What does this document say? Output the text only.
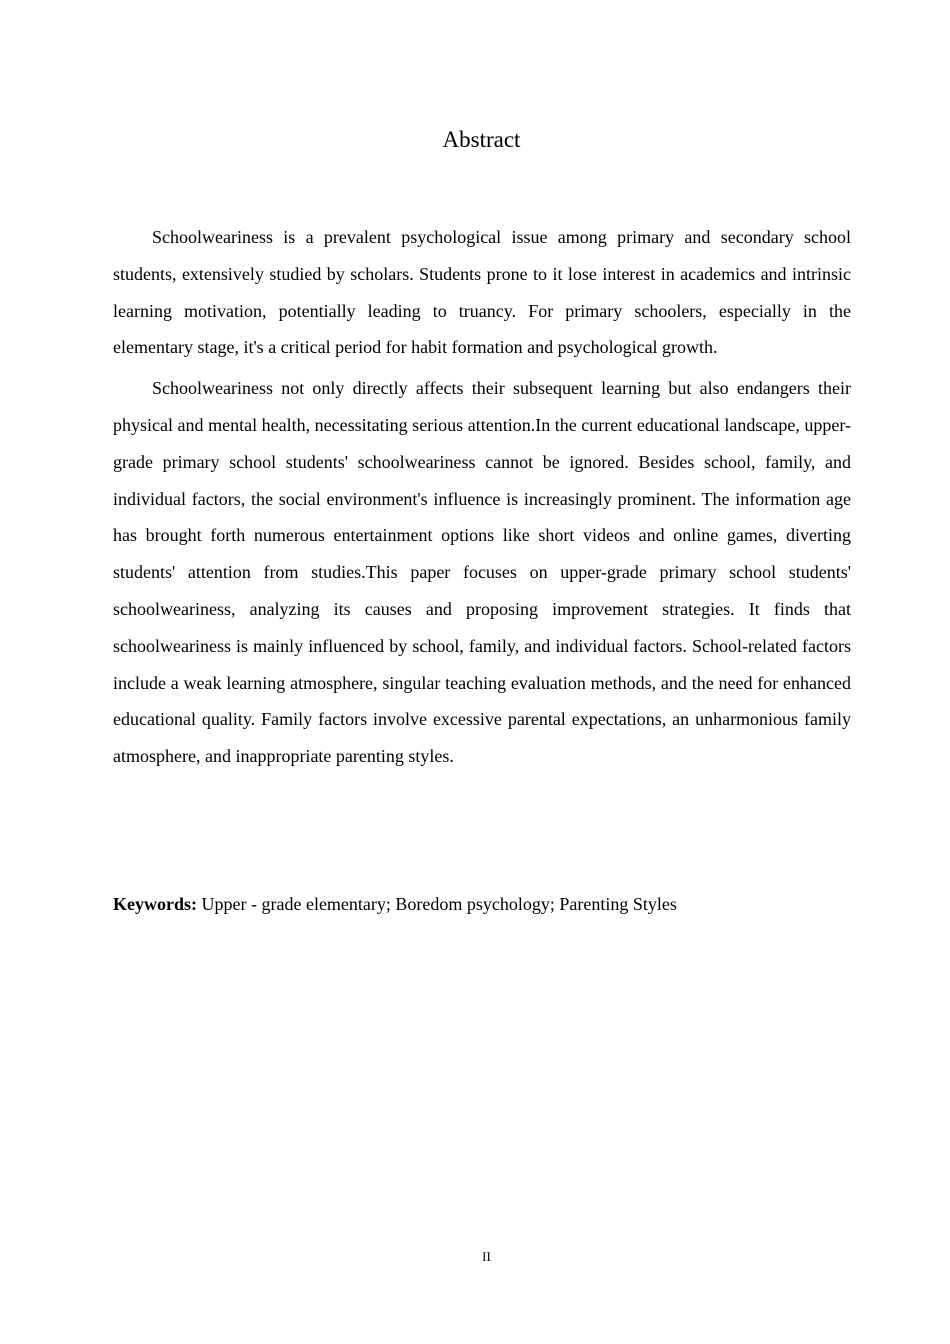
Abstract

Schoolweariness is a prevalent psychological issue among primary and secondary school students, extensively studied by scholars. Students prone to it lose interest in academics and intrinsic learning motivation, potentially leading to truancy. For primary schoolers, especially in the elementary stage, it's a critical period for habit formation and psychological growth.

Schoolweariness not only directly affects their subsequent learning but also endangers their physical and mental health, necessitating serious attention.In the current educational landscape, upper-grade primary school students' schoolweariness cannot be ignored. Besides school, family, and individual factors, the social environment's influence is increasingly prominent. The information age has brought forth numerous entertainment options like short videos and online games, diverting students' attention from studies.This paper focuses on upper-grade primary school students' schoolweariness, analyzing its causes and proposing improvement strategies. It finds that schoolweariness is mainly influenced by school, family, and individual factors. School-related factors include a weak learning atmosphere, singular teaching evaluation methods, and the need for enhanced educational quality. Family factors involve excessive parental expectations, an unharmonious family atmosphere, and inappropriate parenting styles.

Keywords: Upper - grade elementary; Boredom psychology; Parenting Styles

II
